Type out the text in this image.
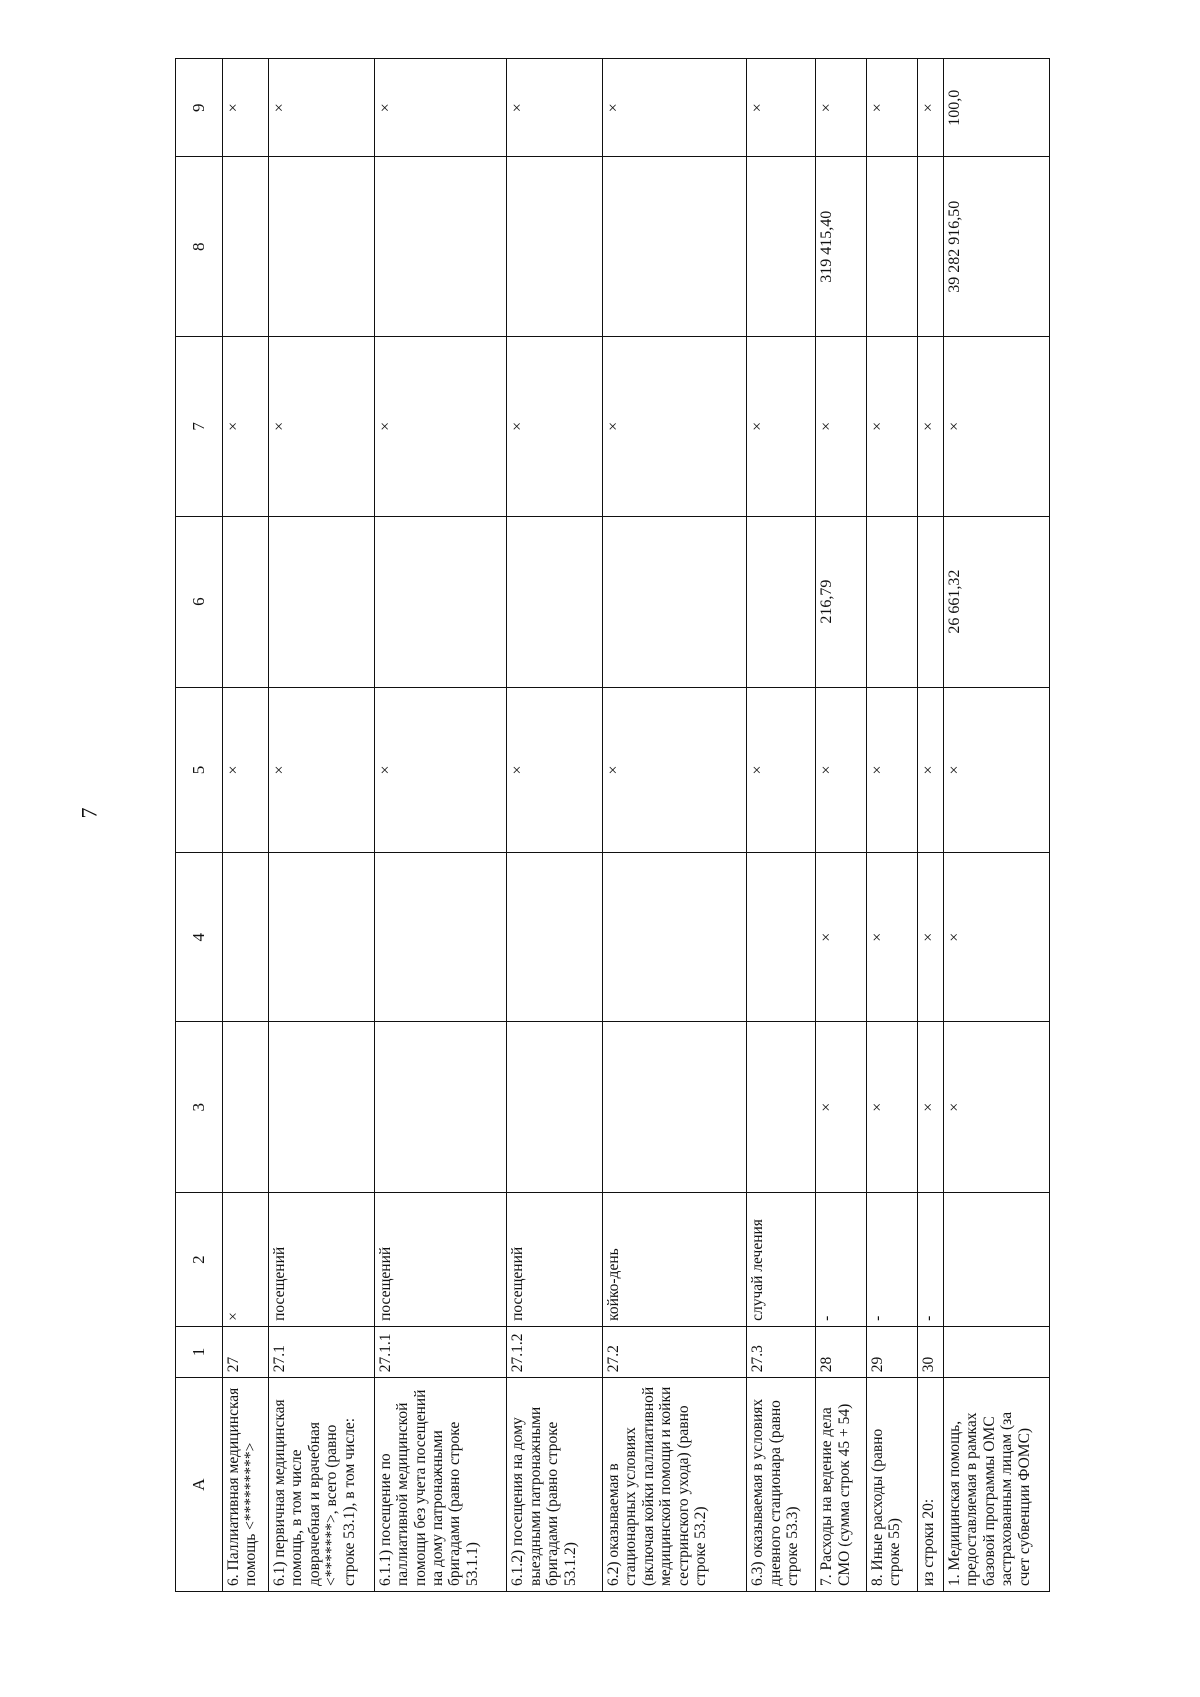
7
A	1	2	3	4	5	6	7	8	9
6. Паллиативная медицинская помощь <*********>	27	×			×		×		×
6.1) первичная медицинская помощь, в том числе доврачебная и врачебная <*******>, всего (равно строке 53.1), в том числе:	27.1	посещений			×		×		×
6.1.1) посещение по паллиативной медицинской помощи без учета посещений на дому патронажными бригадами (равно строке 53.1.1)	27.1.1	посещений			×		×		×
6.1.2) посещения на дому выездными патронажными бригадами (равно строке 53.1.2)	27.1.2	посещений			×		×		×
6.2) оказываемая в стационарных условиях (включая койки паллиативной медицинской помощи и койки сестринского ухода) (равно строке 53.2)	27.2	койко-день			×		×		×
6.3) оказываемая в условиях дневного стационара (равно строке 53.3)	27.3	случай лечения			×		×		×
7. Расходы на ведение дела СМО (сумма строк 45 + 54)	28	-	×	×	×	216,79	×	319 415,40	×
8. Иные расходы (равно строке 55)	29	-	×	×	×		×		×
из строки 20:	30	-	×	×	×		×		×
1. Медицинская помощь, предоставляемая в рамках базовой программы ОМС застрахованным лицам (за счет субвенции ФОМС)			×	×	×	26 661,32	×	39 282 916,50	100,0
